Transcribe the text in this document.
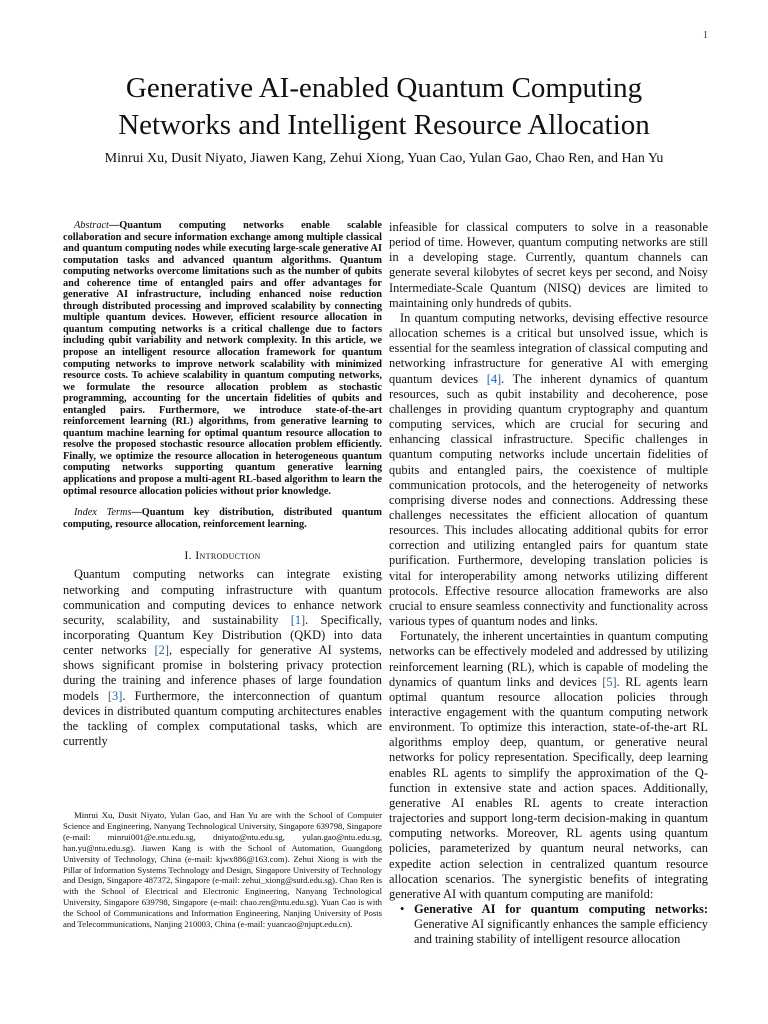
1
Generative AI-enabled Quantum Computing
Networks and Intelligent Resource Allocation

Minrui Xu, Dusit Niyato, Jiawen Kang, Zehui Xiong, Yuan Cao, Yulan Gao, Chao Ren, and Han Yu

Abstract—Quantum computing networks enable scalable collaboration and secure information exchange among multiple classical and quantum computing nodes while executing large-scale generative AI computation tasks and advanced quantum algorithms. Quantum computing networks overcome limitations such as the number of qubits and coherence time of entangled pairs and offer advantages for generative AI infrastructure, including enhanced noise reduction through distributed processing and improved scalability by connecting multiple quantum devices. However, efficient resource allocation in quantum computing networks is a critical challenge due to factors including qubit variability and network complexity. In this article, we propose an intelligent resource allocation framework for quantum computing networks to improve network scalability with minimized resource costs. To achieve scalability in quantum computing networks, we formulate the resource allocation problem as stochastic programming, accounting for the uncertain fidelities of qubits and entangled pairs. Furthermore, we introduce state-of-the-art reinforcement learning (RL) algorithms, from generative learning to quantum machine learning for optimal quantum resource allocation to resolve the proposed stochastic resource allocation problem efficiently. Finally, we optimize the resource allocation in heterogeneous quantum computing networks supporting quantum generative learning applications and propose a multi-agent RL-based algorithm to learn the optimal resource allocation policies without prior knowledge.

Index Terms—Quantum key distribution, distributed quantum computing, resource allocation, reinforcement learning.

I. Introduction

Quantum computing networks can integrate existing networking and computing infrastructure with quantum communication and computing devices to enhance network security, scalability, and sustainability [1]. Specifically, incorporating Quantum Key Distribution (QKD) into data center networks [2], especially for generative AI systems, shows significant promise in bolstering privacy protection during the training and inference phases of large foundation models [3]. Furthermore, the interconnection of quantum devices in distributed quantum computing architectures enables the tackling of complex computational tasks, which are currently

Minrui Xu, Dusit Niyato, Yulan Gao, and Han Yu are with the School of Computer Science and Engineering, Nanyang Technological University, Singapore 639798, Singapore (e-mail: minrui001@e.ntu.edu.sg, dniyato@ntu.edu.sg, yulan.gao@ntu.edu.sg, han.yu@ntu.edu.sg). Jiawen Kang is with the School of Automation, Guangdong University of Technology, China (e-mail: kjwx886@163.com). Zehui Xiong is with the Pillar of Information Systems Technology and Design, Singapore University of Technology and Design, Singapore 487372, Singapore (e-mail: zehui_xiong@sutd.edu.sg). Chao Ren is with the School of Electrical and Electronic Engineering, Nanyang Technological University, Singapore 639798, Singapore (e-mail: chao.ren@ntu.edu.sg). Yuan Cao is with the School of Communications and Information Engineering, Nanjing University of Posts and Telecommunications, Nanjing 210003, China (e-mail: yuancao@njupt.edu.cn).

infeasible for classical computers to solve in a reasonable period of time. However, quantum computing networks are still in a developing stage. Currently, quantum channels can generate several kilobytes of secret keys per second, and Noisy Intermediate-Scale Quantum (NISQ) devices are limited to maintaining only hundreds of qubits.

In quantum computing networks, devising effective resource allocation schemes is a critical but unsolved issue, which is essential for the seamless integration of classical computing and networking infrastructure for generative AI with emerging quantum devices [4]. The inherent dynamics of quantum resources, such as qubit instability and decoherence, pose challenges in providing quantum cryptography and quantum computing services, which are crucial for securing and enhancing classical infrastructure. Specific challenges in quantum computing networks include uncertain fidelities of qubits and entangled pairs, the coexistence of multiple communication protocols, and the heterogeneity of networks comprising diverse nodes and connections. Addressing these challenges necessitates the efficient allocation of quantum resources. This includes allocating additional qubits for error correction and utilizing entangled pairs for quantum state purification. Furthermore, developing translation policies is vital for interoperability among networks utilizing different protocols. Effective resource allocation frameworks are also crucial to ensure seamless connectivity and functionality across various types of quantum nodes and links.

Fortunately, the inherent uncertainties in quantum computing networks can be effectively modeled and addressed by utilizing reinforcement learning (RL), which is capable of modeling the dynamics of quantum links and devices [5]. RL agents learn optimal quantum resource allocation policies through interactive engagement with the quantum computing network environment. To optimize this interaction, state-of-the-art RL algorithms employ deep, quantum, or generative neural networks for policy representation. Specifically, deep learning enables RL agents to simplify the approximation of the Q-function in extensive state and action spaces. Additionally, generative AI enables RL agents to create interaction trajectories and support long-term decision-making in quantum computing networks. Moreover, RL agents using quantum policies, parameterized by quantum neural networks, can expedite action selection in centralized quantum resource allocation scenarios. The synergistic benefits of integrating generative AI with quantum computing are manifold:

• Generative AI for quantum computing networks: Generative AI significantly enhances the sample efficiency and training stability of intelligent resource allocation
